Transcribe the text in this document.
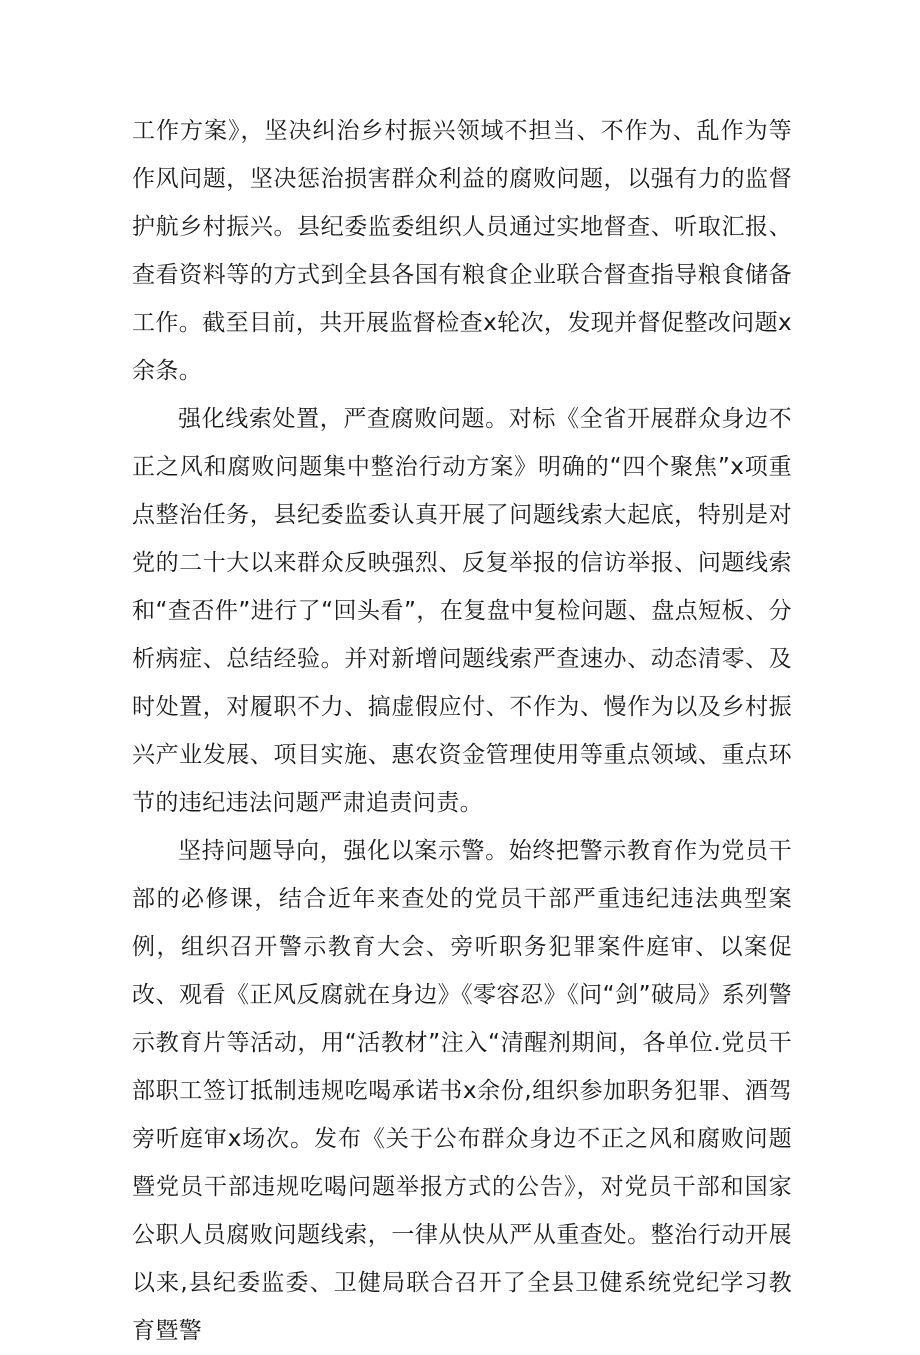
工作方案》，坚决纠治乡村振兴领域不担当、不作为、乱作为等作风问题，坚决惩治损害群众利益的腐败问题，以强有力的监督护航乡村振兴。县纪委监委组织人员通过实地督查、听取汇报、查看资料等的方式到全县各国有粮食企业联合督查指导粮食储备工作。截至目前，共开展监督检查x轮次，发现并督促整改问题x余条。

强化线索处置，严查腐败问题。对标《全省开展群众身边不正之风和腐败问题集中整治行动方案》明确的“四个聚焦”x项重点整治任务，县纪委监委认真开展了问题线索大起底，特别是对党的二十大以来群众反映强烈、反复举报的信访举报、问题线索和“查否件”进行了“回头看”，在复盘中复检问题、盘点短板、分析病症、总结经验。并对新增问题线索严查速办、动态清零、及时处置，对履职不力、搞虚假应付、不作为、慢作为以及乡村振兴产业发展、项目实施、惠农资金管理使用等重点领域、重点环节的违纪违法问题严肃追责问责。

坚持问题导向，强化以案示警。始终把警示教育作为党员干部的必修课，结合近年来查处的党员干部严重违纪违法典型案例，组织召开警示教育大会、旁听职务犯罪案件庭审、以案促改、观看《正风反腐就在身边》《零容忍》《问“剑”破局》系列警示教育片等活动，用“活教材”注入“清醒剂期间，各单位.党员干部职工签订抵制违规吃喝承诺书x余份,组织参加职务犯罪、酒驾旁听庭审x场次。发布《关于公布群众身边不正之风和腐败问题暨党员干部违规吃喝问题举报方式的公告》，对党员干部和国家公职人员腐败问题线索，一律从快从严从重查处。整治行动开展以来,县纪委监委、卫健局联合召开了全县卫健系统党纪学习教育暨警
